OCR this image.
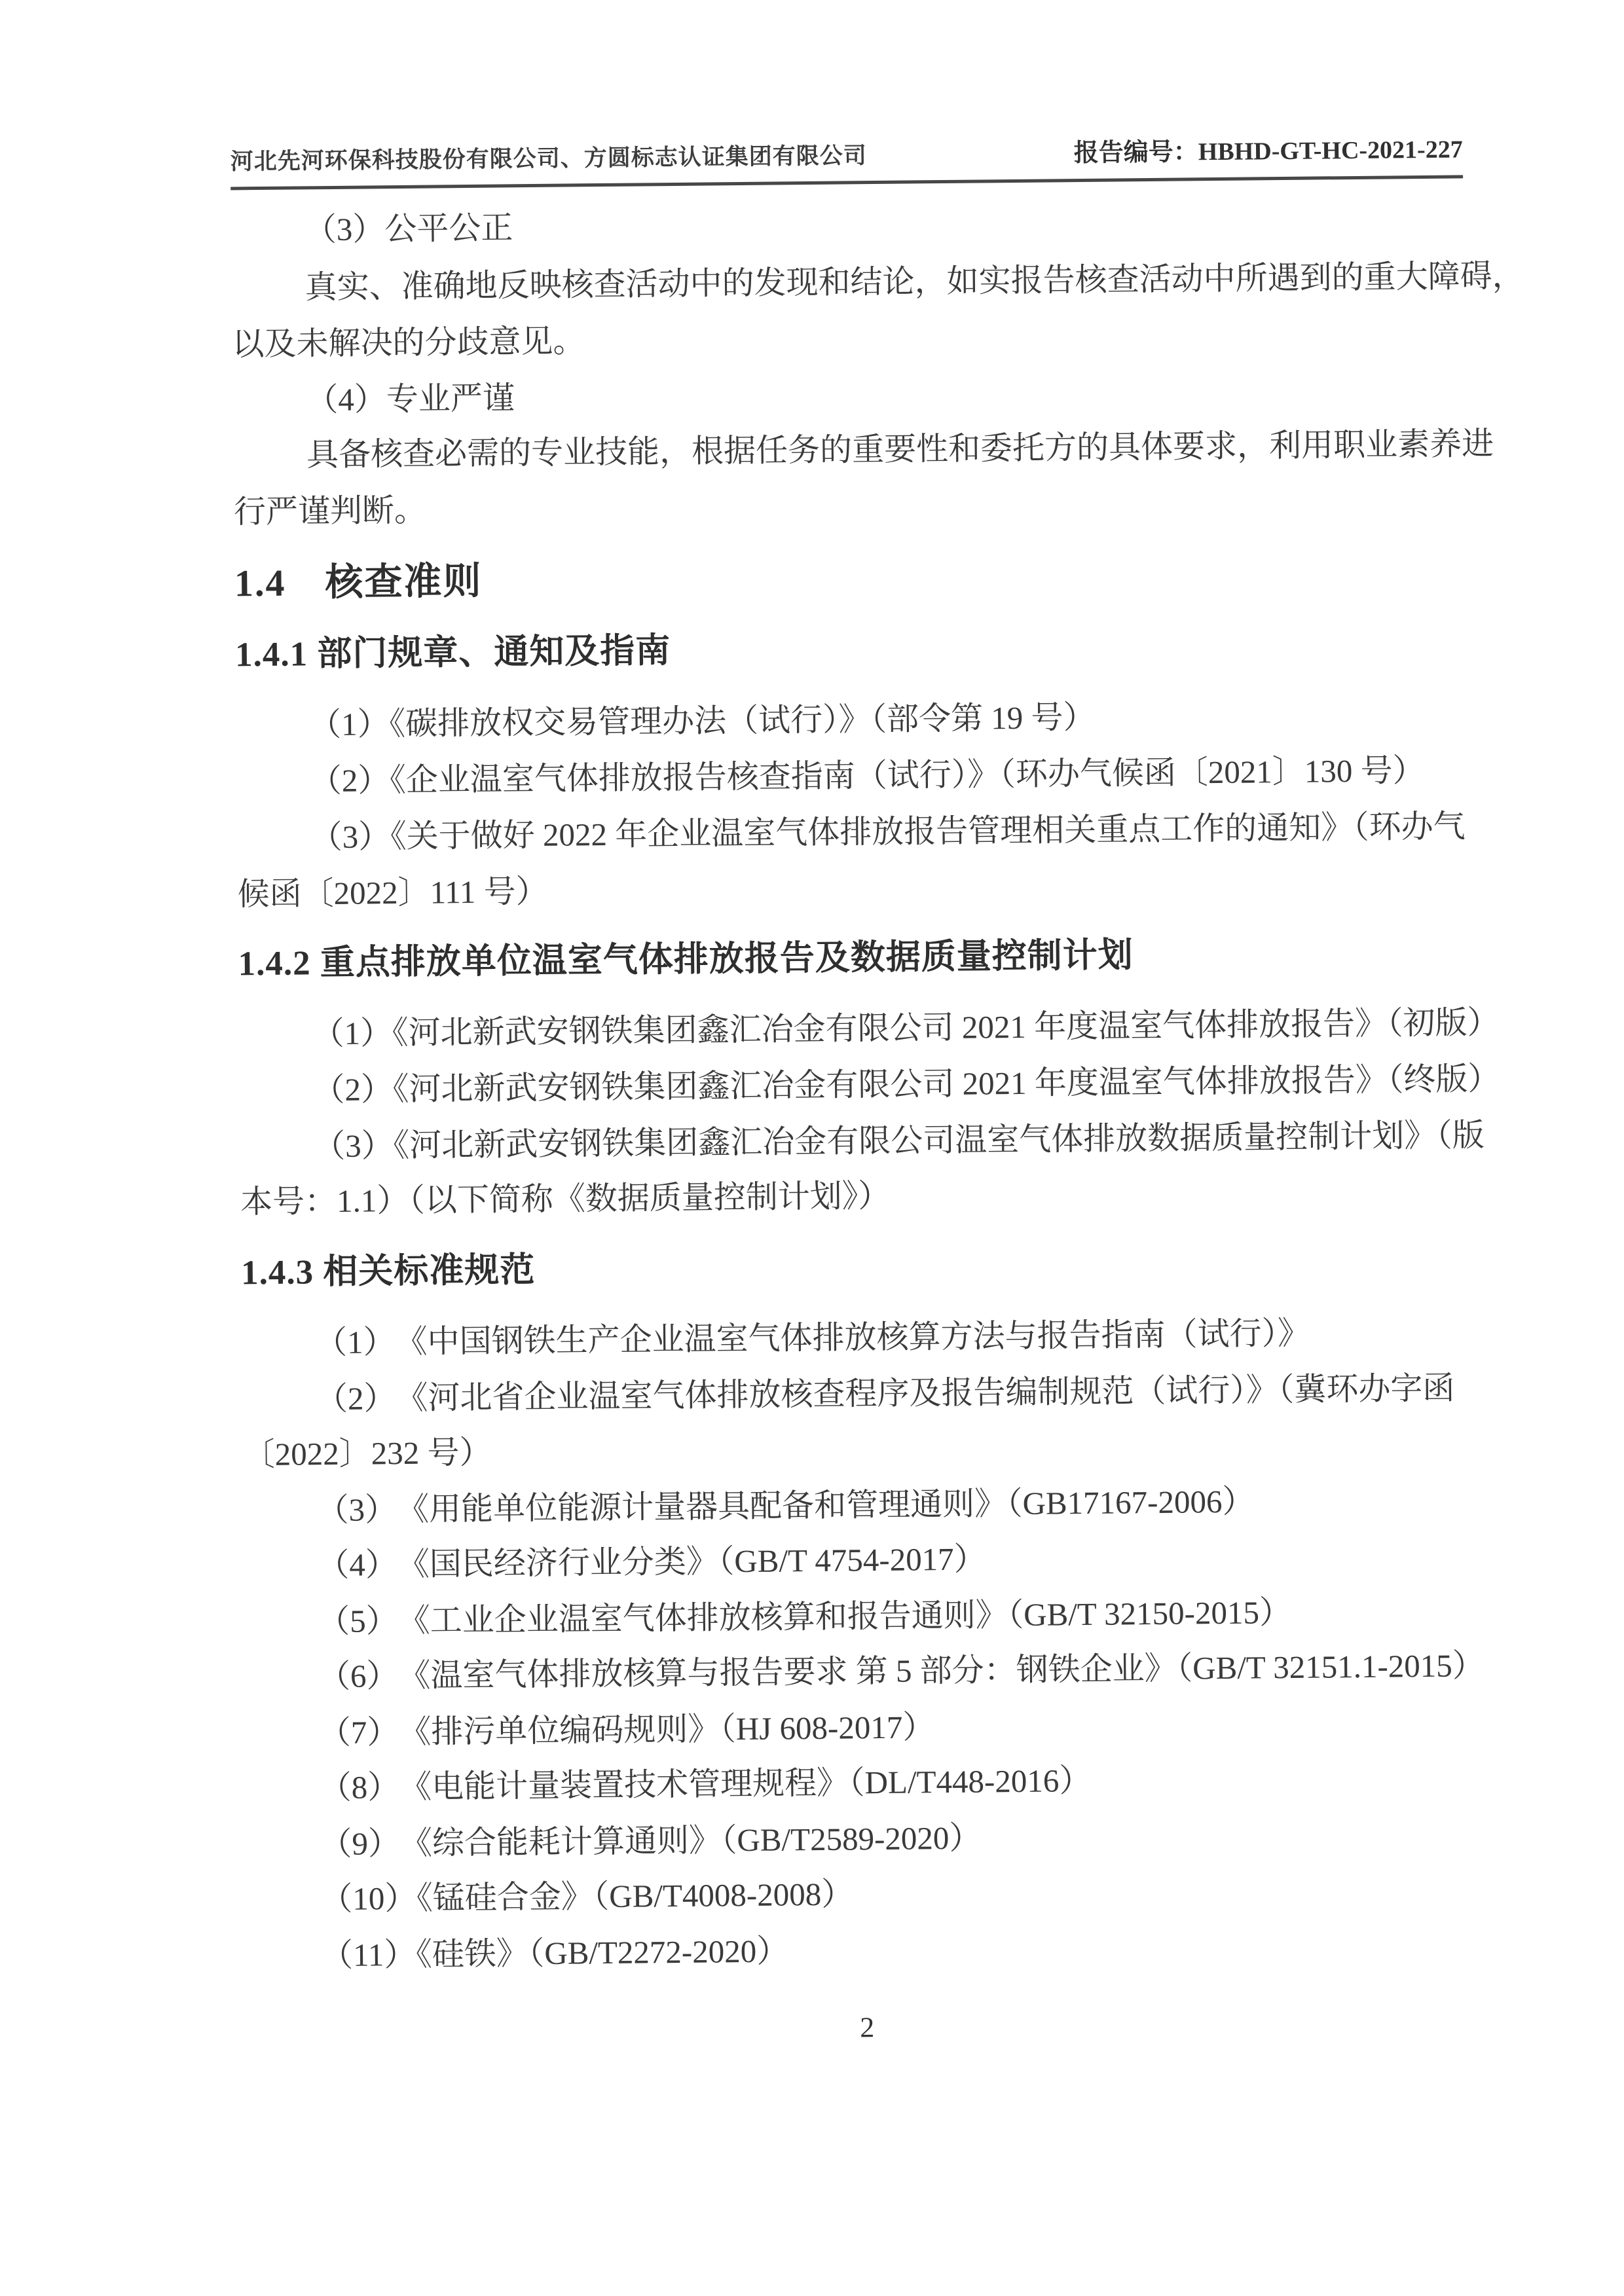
河北先河环保科技股份有限公司、方圆标志认证集团有限公司	报告编号：HBHD-GT-HC-2021-227

（3）公平公正

真实、准确地反映核查活动中的发现和结论，如实报告核查活动中所遇到的重大障碍，

以及未解决的分歧意见。

（4）专业严谨

具备核查必需的专业技能，根据任务的重要性和委托方的具体要求，利用职业素养进

行严谨判断。

1.4　核查准则

1.4.1 部门规章、通知及指南

（1）《碳排放权交易管理办法（试行）》（部令第 19 号）

（2）《企业温室气体排放报告核查指南（试行）》（环办气候函〔2021〕130 号）

（3）《关于做好 2022 年企业温室气体排放报告管理相关重点工作的通知》（环办气

候函〔2022〕111 号）

1.4.2 重点排放单位温室气体排放报告及数据质量控制计划

（1）《河北新武安钢铁集团鑫汇冶金有限公司 2021 年度温室气体排放报告》（初版）

（2）《河北新武安钢铁集团鑫汇冶金有限公司 2021 年度温室气体排放报告》（终版）

（3）《河北新武安钢铁集团鑫汇冶金有限公司温室气体排放数据质量控制计划》（版

本号：1.1）（以下简称《数据质量控制计划》）

1.4.3 相关标准规范

（1）　《中国钢铁生产企业温室气体排放核算方法与报告指南（试行）》

（2）　《河北省企业温室气体排放核查程序及报告编制规范（试行）》（冀环办字函

〔2022〕232 号）

（3）　《用能单位能源计量器具配备和管理通则》（GB17167-2006）

（4）　《国民经济行业分类》（GB/T 4754-2017）

（5）　《工业企业温室气体排放核算和报告通则》（GB/T 32150-2015）

（6）　《温室气体排放核算与报告要求 第 5 部分：钢铁企业》（GB/T 32151.1-2015）

（7）　《排污单位编码规则》（HJ 608-2017）

（8）　《电能计量装置技术管理规程》（DL/T448-2016）

（9）　《综合能耗计算通则》（GB/T2589-2020）

（10）《锰硅合金》（GB/T4008-2008）

（11）《硅铁》（GB/T2272-2020）

2
